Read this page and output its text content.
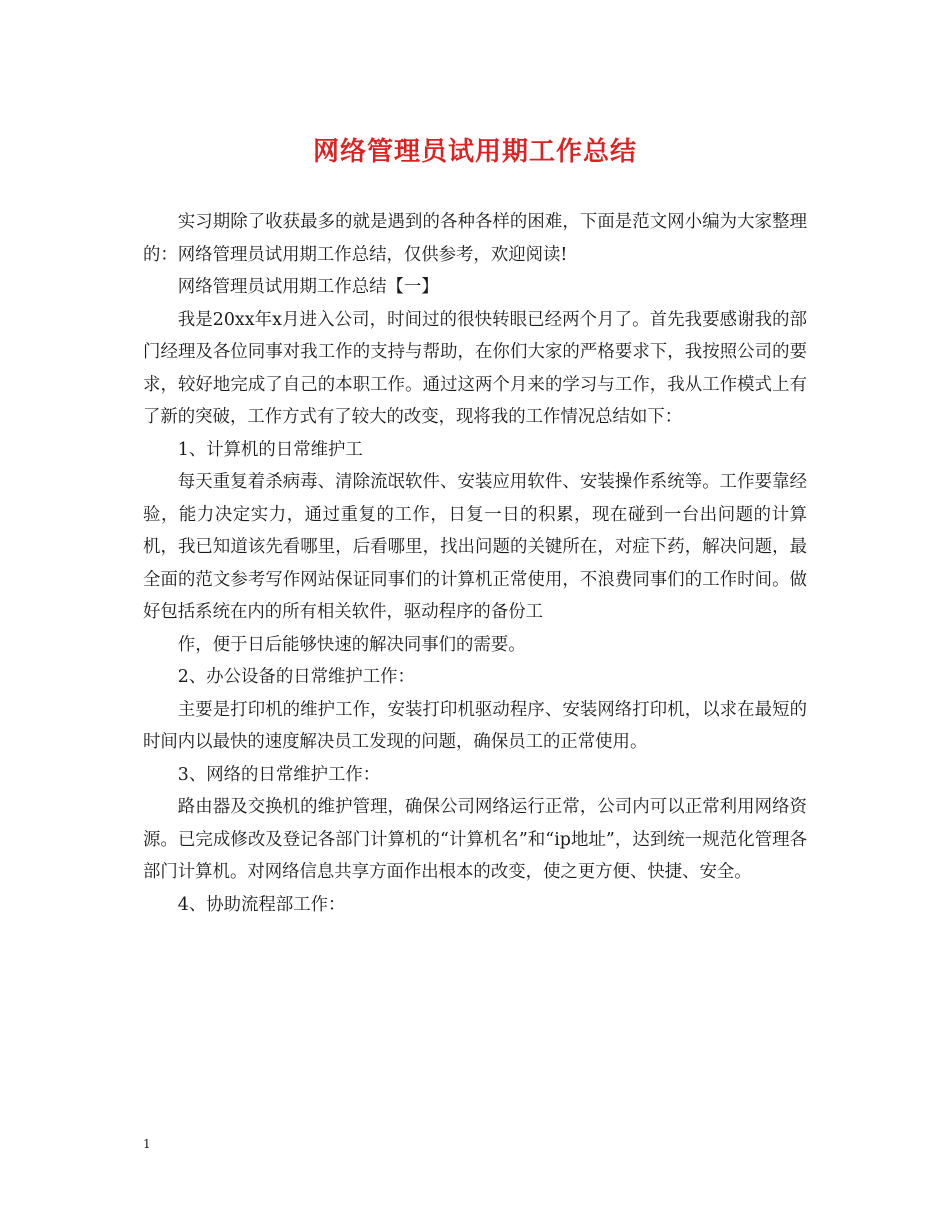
网络管理员试用期工作总结

实习期除了收获最多的就是遇到的各种各样的困难，下面是范文网小编为大家整理的：网络管理员试用期工作总结，仅供参考，欢迎阅读!

网络管理员试用期工作总结【一】

我是20xx年x月进入公司，时间过的很快转眼已经两个月了。首先我要感谢我的部门经理及各位同事对我工作的支持与帮助，在你们大家的严格要求下，我按照公司的要求，较好地完成了自己的本职工作。通过这两个月来的学习与工作，我从工作模式上有了新的突破，工作方式有了较大的改变，现将我的工作情况总结如下：

1、计算机的日常维护工

每天重复着杀病毒、清除流氓软件、安装应用软件、安装操作系统等。工作要靠经验，能力决定实力，通过重复的工作，日复一日的积累，现在碰到一台出问题的计算机，我已知道该先看哪里，后看哪里，找出问题的关键所在，对症下药，解决问题，最全面的范文参考写作网站保证同事们的计算机正常使用，不浪费同事们的工作时间。做好包括系统在内的所有相关软件，驱动程序的备份工

作，便于日后能够快速的解决同事们的需要。

2、办公设备的日常维护工作：

主要是打印机的维护工作，安装打印机驱动程序、安装网络打印机，以求在最短的时间内以最快的速度解决员工发现的问题，确保员工的正常使用。

3、网络的日常维护工作：

路由器及交换机的维护管理，确保公司网络运行正常，公司内可以正常利用网络资源。已完成修改及登记各部门计算机的“计算机名”和“ip地址”，达到统一规范化管理各部门计算机。对网络信息共享方面作出根本的改变，使之更方便、快捷、安全。

4、协助流程部工作：

1
